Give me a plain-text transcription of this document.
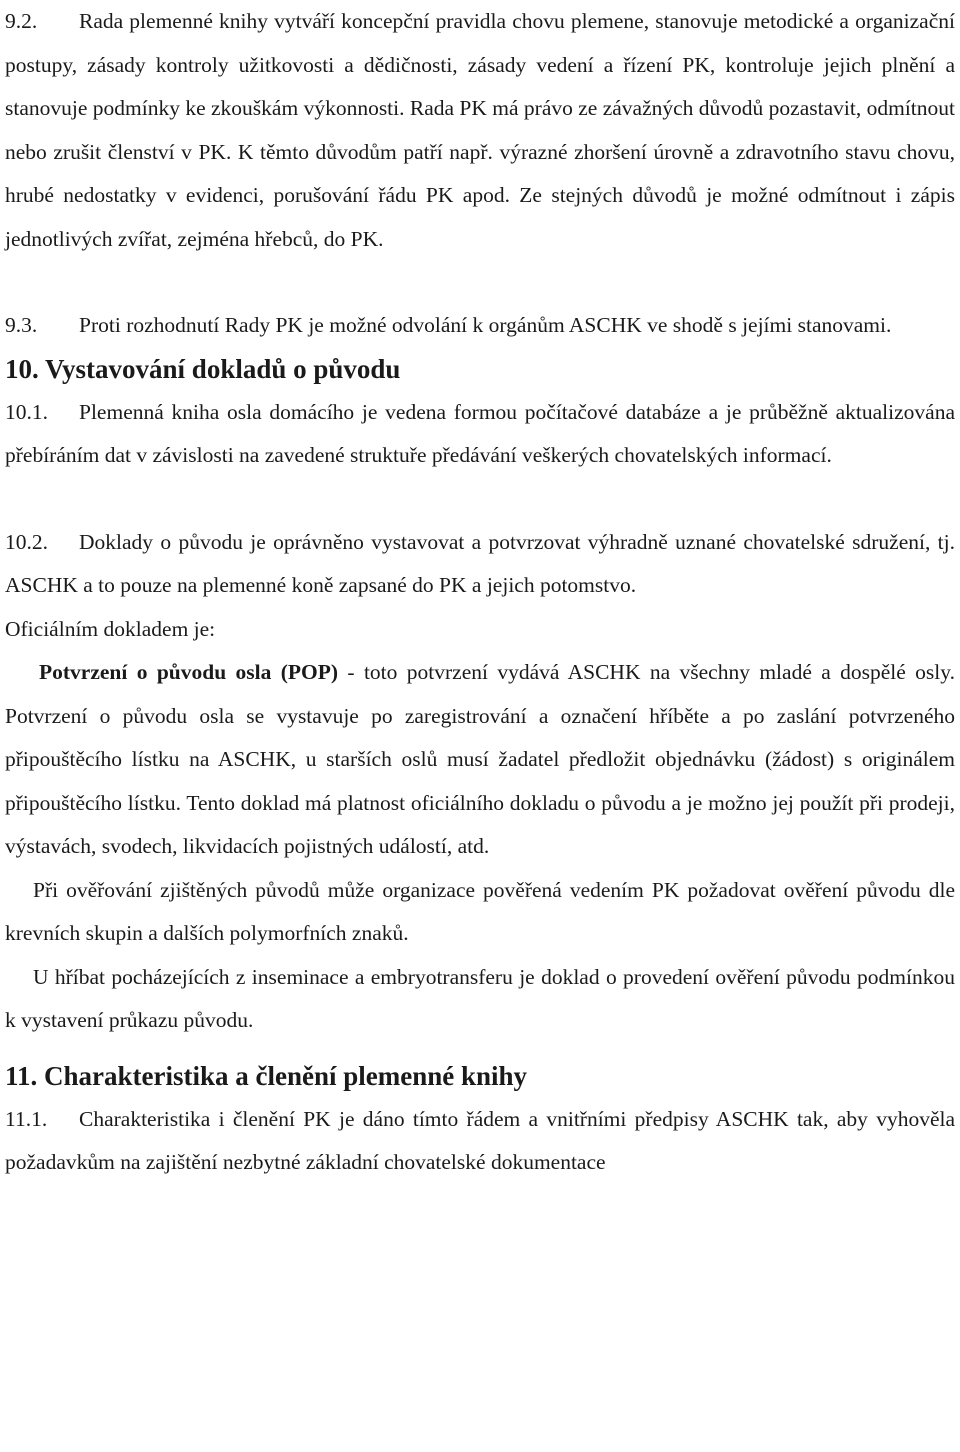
9.2. Rada plemenné knihy vytváří koncepční pravidla chovu plemene, stanovuje metodické a organizační postupy, zásady kontroly užitkovosti a dědičnosti, zásady vedení a řízení PK, kontroluje jejich plnění a stanovuje podmínky ke zkouškám výkonnosti. Rada PK má právo ze závažných důvodů pozastavit, odmítnout nebo zrušit členství v PK. K těmto důvodům patří např. výrazné zhoršení úrovně a zdravotního stavu chovu, hrubé nedostatky v evidenci, porušování řádu PK apod. Ze stejných důvodů je možné odmítnout i zápis jednotlivých zvířat, zejména hřebců, do PK.

9.3. Proti rozhodnutí Rady PK je možné odvolání k orgánům ASCHK ve shodě s jejími stanovami.

10. Vystavování dokladů o původu

10.1. Plemenná kniha osla domácího je vedena formou počítačové databáze a je průběžně aktualizována přebíráním dat v závislosti na zavedené struktuře předávání veškerých chovatelských informací.

10.2. Doklady o původu je oprávněno vystavovat a potvrzovat výhradně uznané chovatelské sdružení, tj. ASCHK a to pouze na plemenné koně zapsané do PK a jejich potomstvo.

Oficiálním dokladem je:

Potvrzení o původu osla (POP) - toto potvrzení vydává ASCHK na všechny mladé a dospělé osly. Potvrzení o původu osla se vystavuje po zaregistrování a označení hříběte a po zaslání potvrzeného připouštěcího lístku na ASCHK, u starších oslů musí žadatel předložit objednávku (žádost) s originálem připouštěcího lístku. Tento doklad má platnost oficiálního dokladu o původu a je možno jej použít při prodeji, výstavách, svodech, likvidacích pojistných událostí, atd.

Při ověřování zjištěných původů může organizace pověřená vedením PK požadovat ověření původu dle krevních skupin a dalších polymorfních znaků.

U hříbat pocházejících z inseminace a embryotransferu je doklad o provedení ověření původu podmínkou k vystavení průkazu původu.

11. Charakteristika a členění plemenné knihy

11.1. Charakteristika i členění PK je dáno tímto řádem a vnitřními předpisy ASCHK tak, aby vyhověla požadavkům na zajištění nezbytné základní chovatelské dokumentace
